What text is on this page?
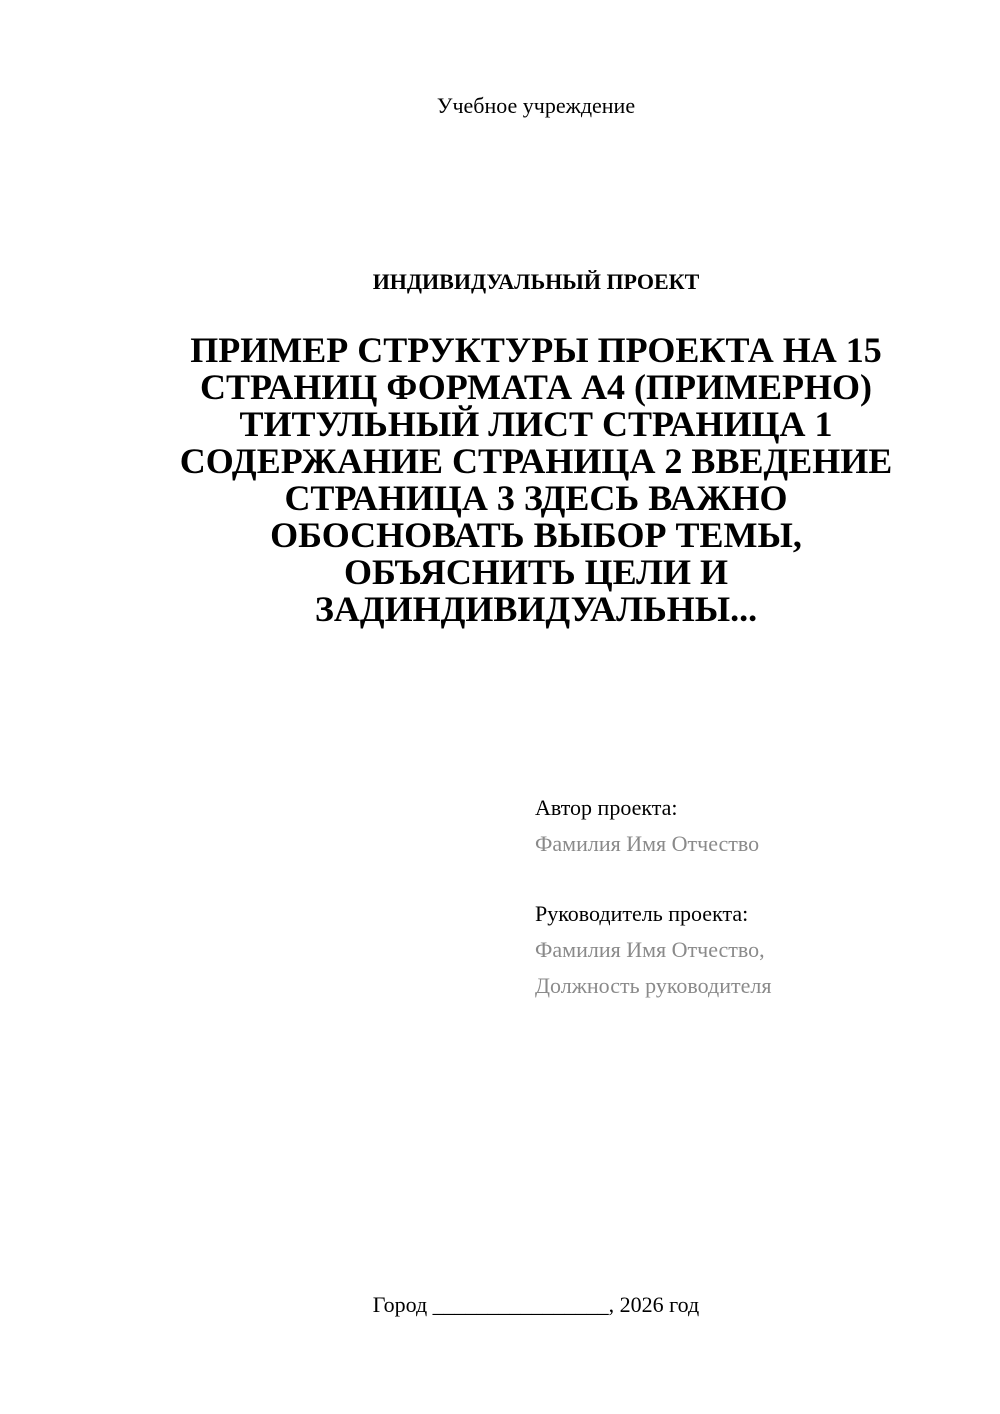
Учебное учреждение
ИНДИВИДУАЛЬНЫЙ ПРОЕКТ
ПРИМЕР СТРУКТУРЫ ПРОЕКТА НА 15
СТРАНИЦ ФОРМАТА А4 (ПРИМЕРНО)
ТИТУЛЬНЫЙ ЛИСТ СТРАНИЦА 1
СОДЕРЖАНИЕ СТРАНИЦА 2 ВВЕДЕНИЕ
СТРАНИЦА 3 ЗДЕСЬ ВАЖНО
ОБОСНОВАТЬ ВЫБОР ТЕМЫ,
ОБЪЯСНИТЬ ЦЕЛИ И
ЗАДИНДИВИДУАЛЬНЫ...
Автор проекта:
Фамилия Имя Отчество
Руководитель проекта:
Фамилия Имя Отчество,
Должность руководителя
Город ________________, 2026 год
